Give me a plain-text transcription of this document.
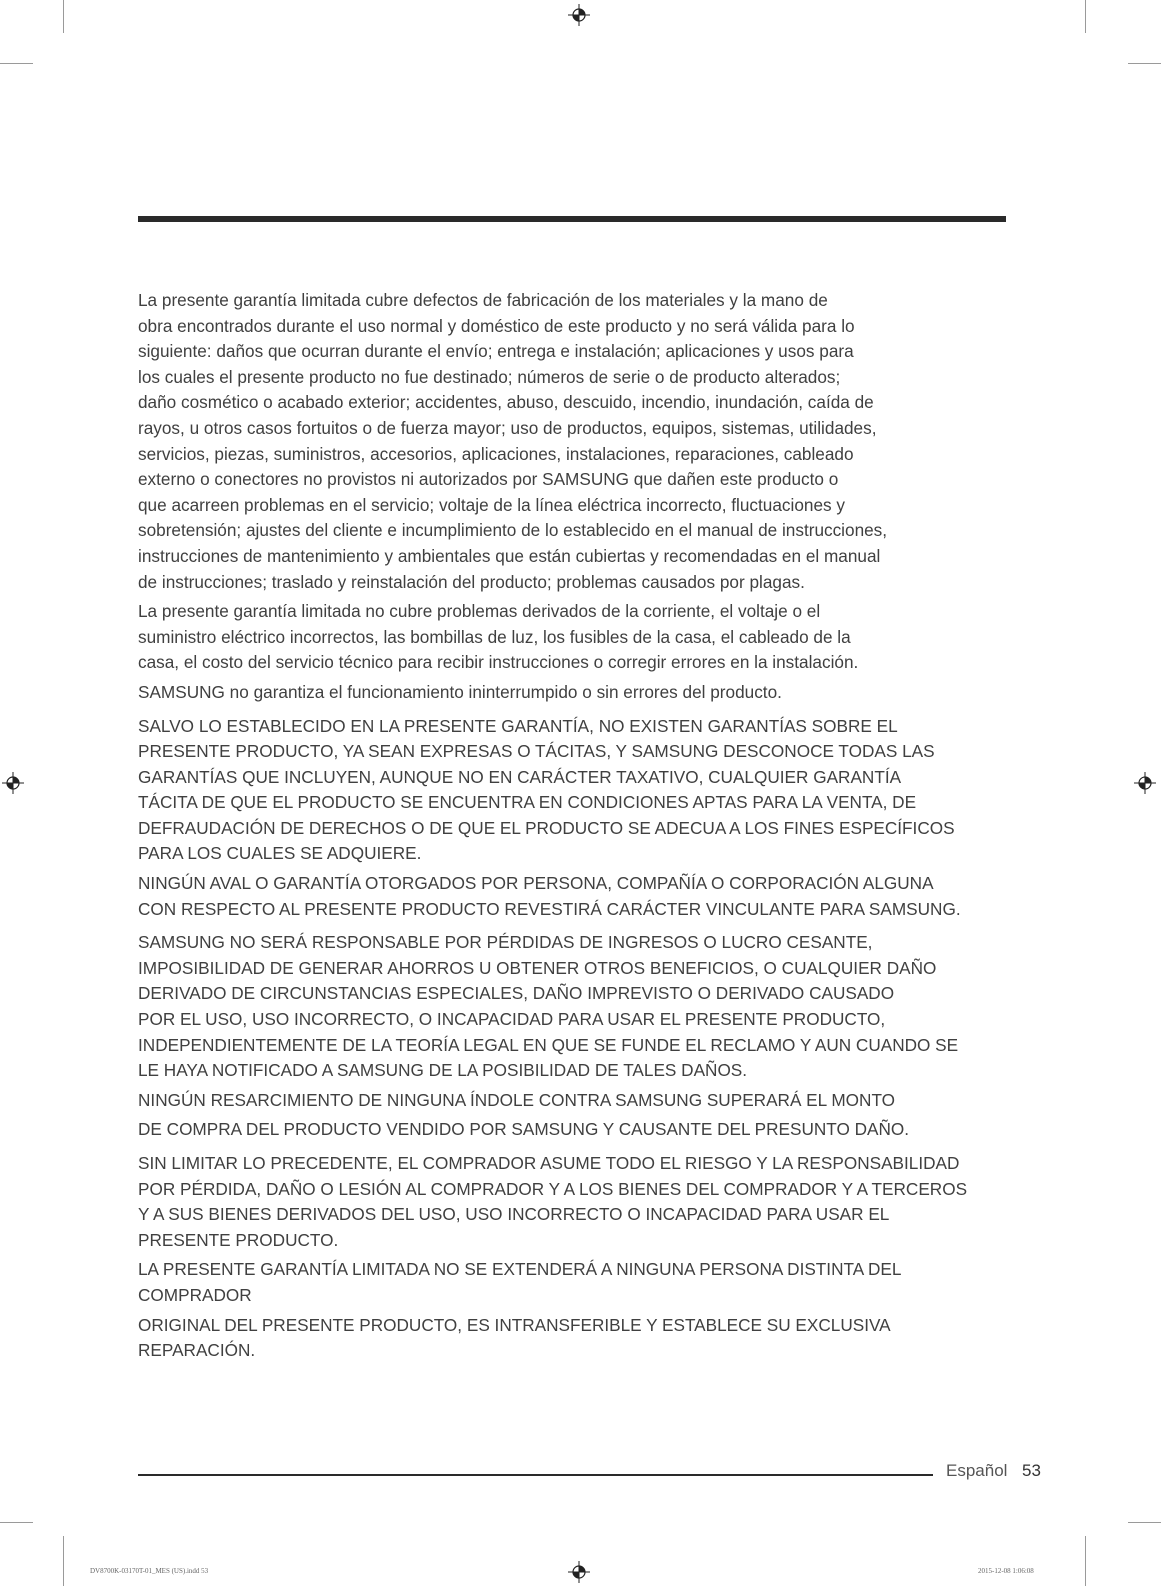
La presente garantía limitada cubre defectos de fabricación de los materiales y la mano de
obra encontrados durante el uso normal y doméstico de este producto y no será válida para lo
siguiente: daños que ocurran durante el envío; entrega e instalación; aplicaciones y usos para
los cuales el presente producto no fue destinado; números de serie o de producto alterados;
daño cosmético o acabado exterior; accidentes, abuso, descuido, incendio, inundación, caída de
rayos, u otros casos fortuitos o de fuerza mayor; uso de productos, equipos, sistemas, utilidades,
servicios, piezas, suministros, accesorios, aplicaciones, instalaciones, reparaciones, cableado
externo o conectores no provistos ni autorizados por SAMSUNG que dañen este producto o
que acarreen problemas en el servicio; voltaje de la línea eléctrica incorrecto, fluctuaciones y
sobretensión; ajustes del cliente e incumplimiento de lo establecido en el manual de instrucciones,
instrucciones de mantenimiento y ambientales que están cubiertas y recomendadas en el manual
de instrucciones; traslado y reinstalación del producto; problemas causados por plagas.

La presente garantía limitada no cubre problemas derivados de la corriente, el voltaje o el
suministro eléctrico incorrectos, las bombillas de luz, los fusibles de la casa, el cableado de la
casa, el costo del servicio técnico para recibir instrucciones o corregir errores en la instalación.

SAMSUNG no garantiza el funcionamiento ininterrumpido o sin errores del producto.

SALVO LO ESTABLECIDO EN LA PRESENTE GARANTÍA, NO EXISTEN GARANTÍAS SOBRE EL
PRESENTE PRODUCTO, YA SEAN EXPRESAS O TÁCITAS, Y SAMSUNG DESCONOCE TODAS LAS
GARANTÍAS QUE INCLUYEN, AUNQUE NO EN CARÁCTER TAXATIVO, CUALQUIER GARANTÍA
TÁCITA DE QUE EL PRODUCTO SE ENCUENTRA EN CONDICIONES APTAS PARA LA VENTA, DE
DEFRAUDACIÓN DE DERECHOS O DE QUE EL PRODUCTO SE ADECUA A LOS FINES ESPECÍFICOS
PARA LOS CUALES SE ADQUIERE.

NINGÚN AVAL O GARANTÍA OTORGADOS POR PERSONA, COMPAÑÍA O CORPORACIÓN ALGUNA
CON RESPECTO AL PRESENTE PRODUCTO REVESTIRÁ CARÁCTER VINCULANTE PARA SAMSUNG.

SAMSUNG NO SERÁ RESPONSABLE POR PÉRDIDAS DE INGRESOS O LUCRO CESANTE,
IMPOSIBILIDAD DE GENERAR AHORROS U OBTENER OTROS BENEFICIOS, O CUALQUIER DAÑO
DERIVADO DE CIRCUNSTANCIAS ESPECIALES, DAÑO IMPREVISTO O DERIVADO CAUSADO
POR EL USO, USO INCORRECTO, O INCAPACIDAD PARA USAR EL PRESENTE PRODUCTO,
INDEPENDIENTEMENTE DE LA TEORÍA LEGAL EN QUE SE FUNDE EL RECLAMO Y AUN CUANDO SE
LE HAYA NOTIFICADO A SAMSUNG DE LA POSIBILIDAD DE TALES DAÑOS.

NINGÚN RESARCIMIENTO DE NINGUNA ÍNDOLE CONTRA SAMSUNG SUPERARÁ EL MONTO

DE COMPRA DEL PRODUCTO VENDIDO POR SAMSUNG Y CAUSANTE DEL PRESUNTO DAÑO.

SIN LIMITAR LO PRECEDENTE, EL COMPRADOR ASUME TODO EL RIESGO Y LA RESPONSABILIDAD
POR PÉRDIDA, DAÑO O LESIÓN AL COMPRADOR Y A LOS BIENES DEL COMPRADOR Y A TERCEROS
Y A SUS BIENES DERIVADOS DEL USO, USO INCORRECTO O INCAPACIDAD PARA USAR EL
PRESENTE PRODUCTO.

LA PRESENTE GARANTÍA LIMITADA NO SE EXTENDERÁ A NINGUNA PERSONA DISTINTA DEL
COMPRADOR

ORIGINAL DEL PRESENTE PRODUCTO, ES INTRANSFERIBLE Y ESTABLECE SU EXCLUSIVA
REPARACIÓN.

Español 53
DV8700K-03170T-01_MES (US).indd 53	2015-12-08 1:06:08
